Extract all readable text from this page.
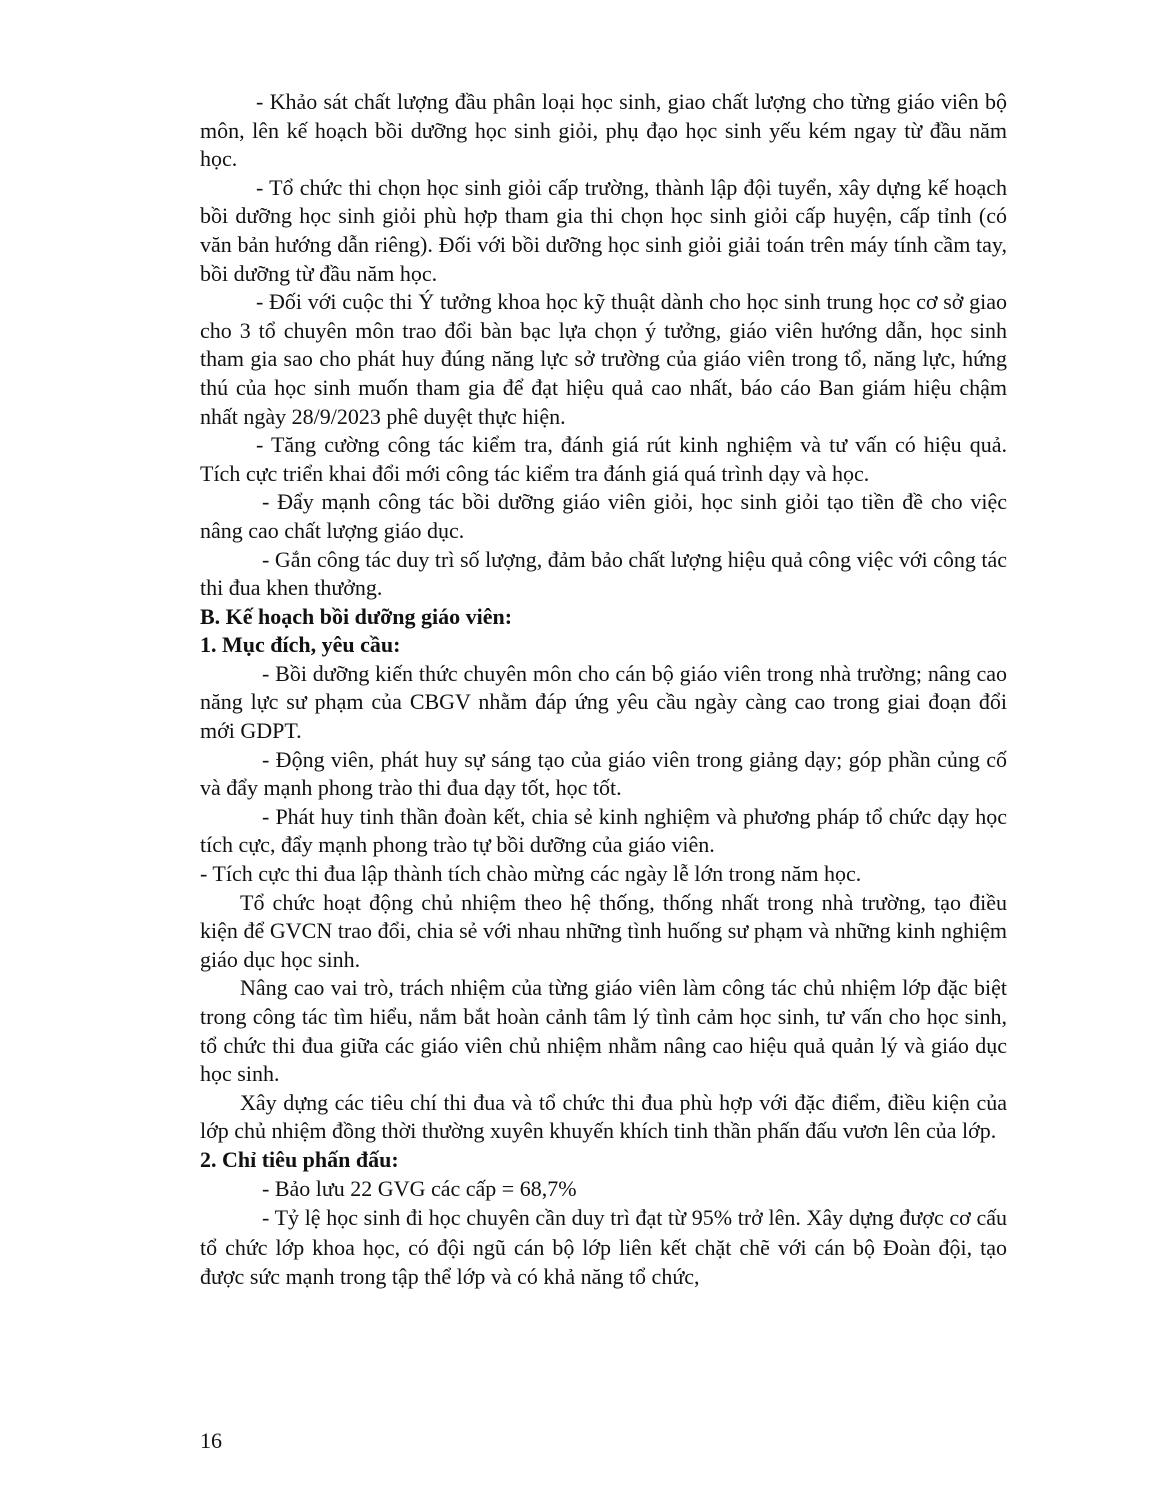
- Khảo sát chất lượng đầu phân loại học sinh, giao chất lượng cho từng giáo viên bộ môn, lên kế hoạch bồi dưỡng học sinh giỏi, phụ đạo học sinh yếu kém ngay từ đầu năm học.

- Tổ chức thi chọn học sinh giỏi cấp trường, thành lập đội tuyển, xây dựng kế hoạch bồi dưỡng học sinh giỏi phù hợp tham gia thi chọn học sinh giỏi cấp huyện, cấp tỉnh (có văn bản hướng dẫn riêng). Đối với bồi dưỡng học sinh giỏi giải toán trên máy tính cầm tay, bồi dưỡng từ đầu năm học.

- Đối với cuộc thi Ý tưởng khoa học kỹ thuật dành cho học sinh trung học cơ sở giao cho 3 tổ chuyên môn trao đổi bàn bạc lựa chọn ý tưởng, giáo viên hướng dẫn, học sinh tham gia sao cho phát huy đúng năng lực sở trường của giáo viên trong tổ, năng lực, hứng thú của học sinh muốn tham gia để đạt hiệu quả cao nhất, báo cáo Ban giám hiệu chậm nhất ngày 28/9/2023 phê duyệt thực hiện.

- Tăng cường công tác kiểm tra, đánh giá rút kinh nghiệm và tư vấn có hiệu quả. Tích cực triển khai đổi mới công tác kiểm tra đánh giá quá trình dạy và học.

- Đẩy mạnh công tác bồi dưỡng giáo viên giỏi, học sinh giỏi tạo tiền đề cho việc nâng cao chất lượng giáo dục.

- Gắn công tác duy trì số lượng, đảm bảo chất lượng hiệu quả công việc với công tác thi đua khen thưởng.

B. Kế hoạch bồi dưỡng giáo viên:

1. Mục đích, yêu cầu:

- Bồi dưỡng kiến thức chuyên môn cho cán bộ giáo viên trong nhà trường; nâng cao năng lực sư phạm của CBGV nhằm đáp ứng yêu cầu ngày càng cao trong giai đoạn đổi mới GDPT.

- Động viên, phát huy sự sáng tạo của giáo viên trong giảng dạy; góp phần củng cố và đẩy mạnh phong trào thi đua dạy tốt, học tốt.

- Phát huy tinh thần đoàn kết, chia sẻ kinh nghiệm và phương pháp tổ chức dạy học tích cực, đẩy mạnh phong trào tự bồi dưỡng của giáo viên.

- Tích cực thi đua lập thành tích chào mừng các ngày lễ lớn trong năm học.

Tổ chức hoạt động chủ nhiệm theo hệ thống, thống nhất trong nhà trường, tạo điều kiện để GVCN trao đổi, chia sẻ với nhau những tình huống sư phạm và những kinh nghiệm giáo dục học sinh.

Nâng cao vai trò, trách nhiệm của từng giáo viên làm công tác chủ nhiệm lớp đặc biệt trong công tác tìm hiểu, nắm bắt hoàn cảnh tâm lý tình cảm học sinh, tư vấn cho học sinh, tổ chức thi đua giữa các giáo viên chủ nhiệm nhằm nâng cao hiệu quả quản lý và giáo dục học sinh.

Xây dựng các tiêu chí thi đua và tổ chức thi đua phù hợp với đặc điểm, điều kiện của lớp chủ nhiệm đồng thời thường xuyên khuyến khích tinh thần phấn đấu vươn lên của lớp.

2. Chỉ tiêu phấn đấu:

- Bảo lưu 22 GVG các cấp = 68,7%

- Tỷ lệ học sinh đi học chuyên cần duy trì đạt từ 95% trở lên. Xây dựng được cơ cấu tổ chức lớp khoa học, có đội ngũ cán bộ lớp liên kết chặt chẽ với cán bộ Đoàn đội, tạo được sức mạnh trong tập thể lớp và có khả năng tổ chức,

16
